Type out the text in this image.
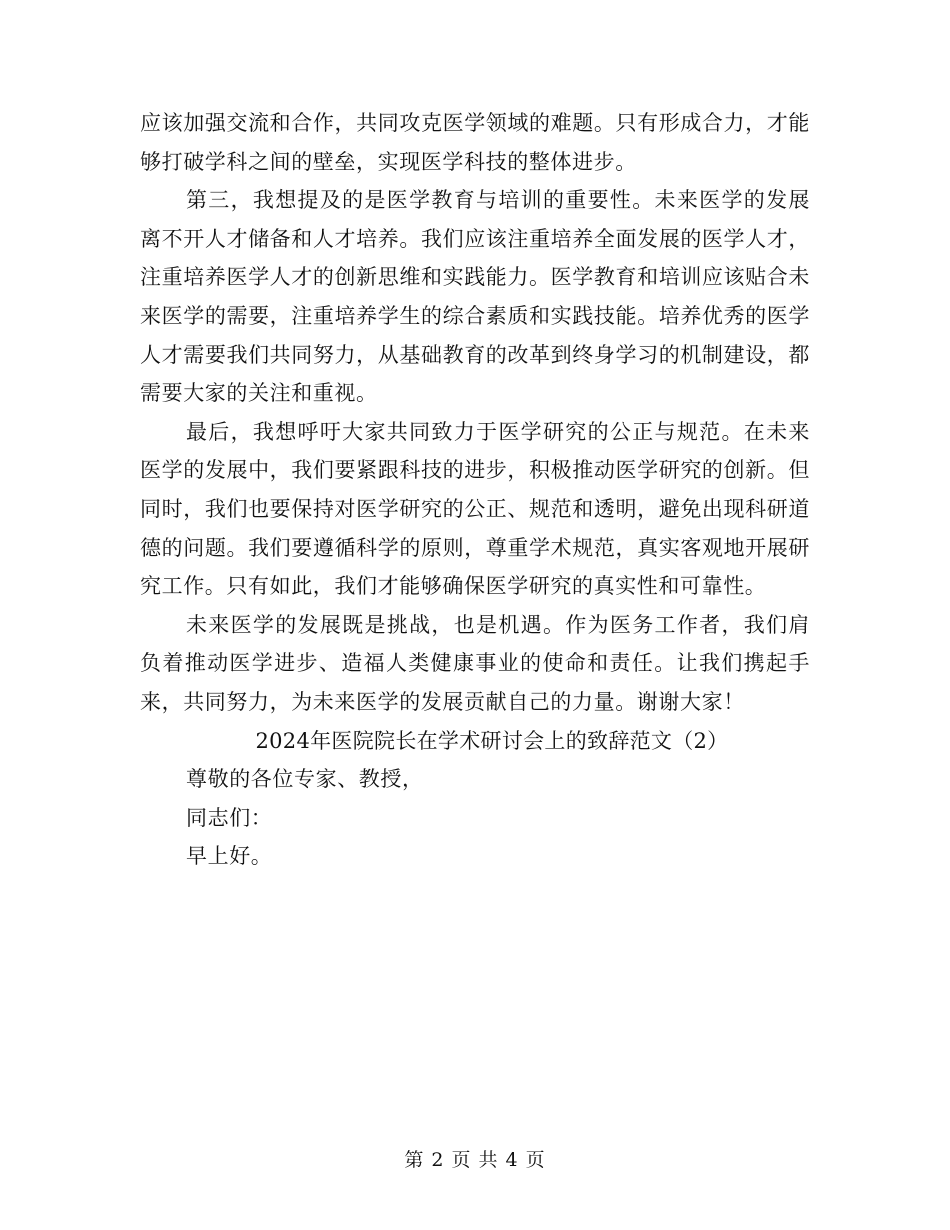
应该加强交流和合作，共同攻克医学领域的难题。只有形成合力，才能够打破学科之间的壁垒，实现医学科技的整体进步。

第三，我想提及的是医学教育与培训的重要性。未来医学的发展离不开人才储备和人才培养。我们应该注重培养全面发展的医学人才，注重培养医学人才的创新思维和实践能力。医学教育和培训应该贴合未来医学的需要，注重培养学生的综合素质和实践技能。培养优秀的医学人才需要我们共同努力，从基础教育的改革到终身学习的机制建设，都需要大家的关注和重视。

最后，我想呼吁大家共同致力于医学研究的公正与规范。在未来医学的发展中，我们要紧跟科技的进步，积极推动医学研究的创新。但同时，我们也要保持对医学研究的公正、规范和透明，避免出现科研道德的问题。我们要遵循科学的原则，尊重学术规范，真实客观地开展研究工作。只有如此，我们才能够确保医学研究的真实性和可靠性。

未来医学的发展既是挑战，也是机遇。作为医务工作者，我们肩负着推动医学进步、造福人类健康事业的使命和责任。让我们携起手来，共同努力，为未来医学的发展贡献自己的力量。谢谢大家！

2024年医院院长在学术研讨会上的致辞范文（2）

尊敬的各位专家、教授，

同志们：

早上好。

第 2 页 共 4 页
